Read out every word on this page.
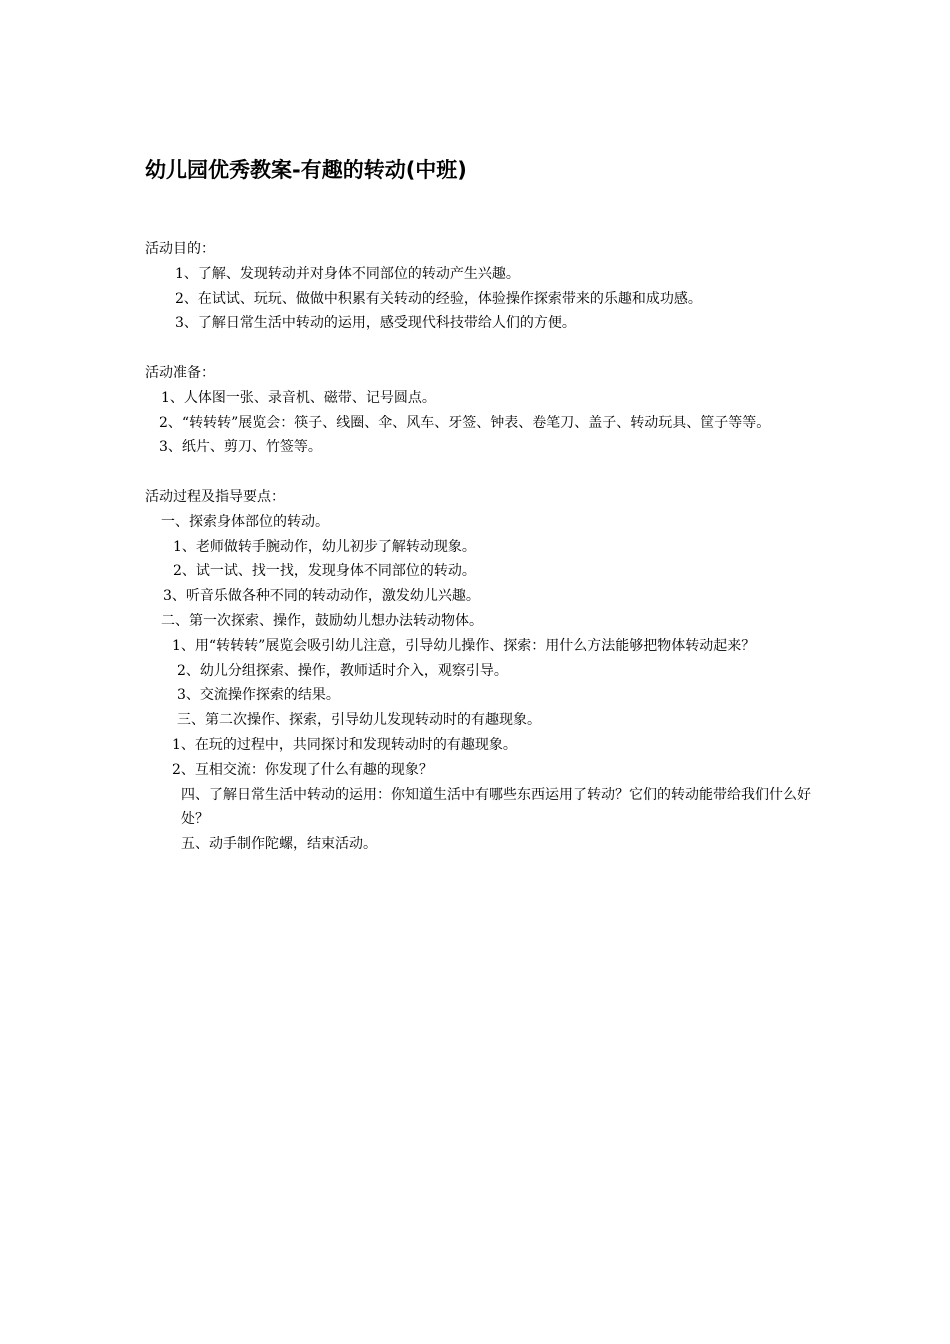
幼儿园优秀教案-有趣的转动(中班)
活动目的：
1、了解、发现转动并对身体不同部位的转动产生兴趣。
2、在试试、玩玩、做做中积累有关转动的经验，体验操作探索带来的乐趣和成功感。
3、了解日常生活中转动的运用，感受现代科技带给人们的方便。
活动准备：
1、人体图一张、录音机、磁带、记号圆点。
2、“转转转”展览会：筷子、线圈、伞、风车、牙签、钟表、卷笔刀、盖子、转动玩具、筐子等等。
3、纸片、剪刀、竹签等。
活动过程及指导要点：
一、探索身体部位的转动。
1、老师做转手腕动作，幼儿初步了解转动现象。
2、试一试、找一找，发现身体不同部位的转动。
3、听音乐做各种不同的转动动作，激发幼儿兴趣。
二、第一次探索、操作，鼓励幼儿想办法转动物体。
1、用“转转转”展览会吸引幼儿注意，引导幼儿操作、探索：用什么方法能够把物体转动起来？
2、幼儿分组探索、操作，教师适时介入，观察引导。
3、交流操作探索的结果。
三、第二次操作、探索，引导幼儿发现转动时的有趣现象。
1、在玩的过程中，共同探讨和发现转动时的有趣现象。
2、互相交流：你发现了什么有趣的现象？
四、了解日常生活中转动的运用：你知道生活中有哪些东西运用了转动？它们的转动能带给我们什么好处？
五、动手制作陀螺，结束活动。
